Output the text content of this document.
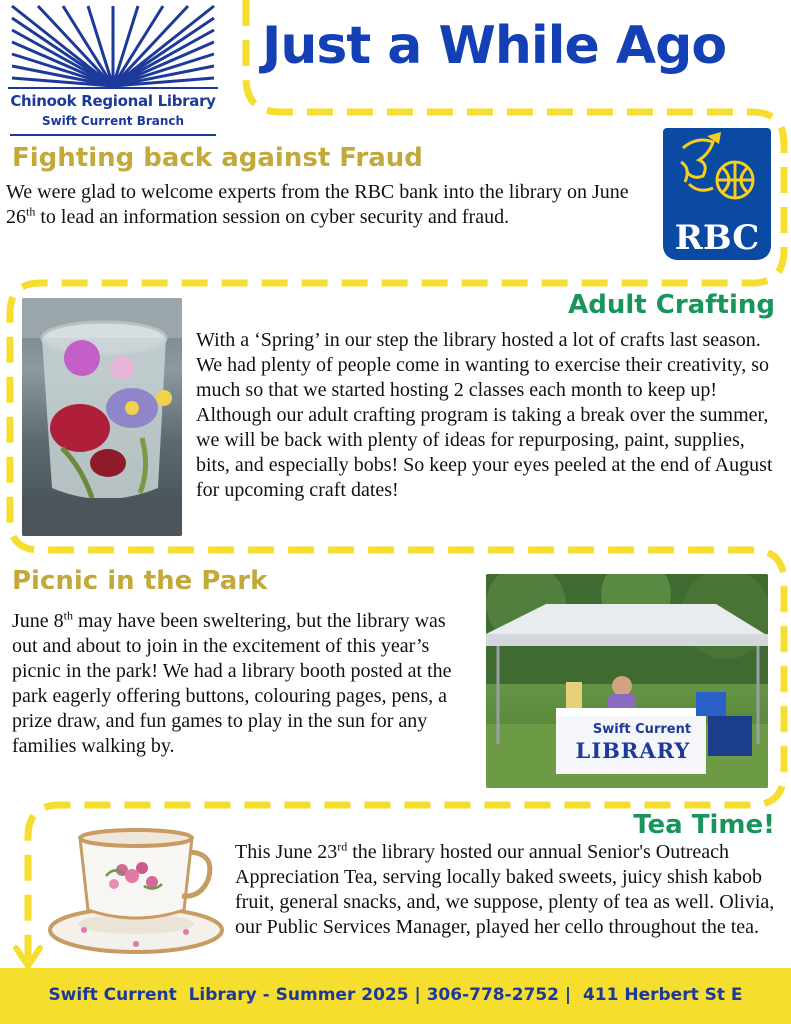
Chinook Regional Library
Swift Current Branch
Just a While Ago
Fighting back against Fraud
We were glad to welcome experts from the RBC bank into the library on June 26th to lead an information session on cyber security and fraud.
RBC
Adult Crafting
With a ‘Spring’ in our step the library hosted a lot of crafts last season. We had plenty of people come in wanting to exercise their creativity, so much so that we started hosting 2 classes each month to keep up! Although our adult crafting program is taking a break over the summer, we will be back with plenty of ideas for repurposing, paint, supplies, bits, and especially bobs! So keep your eyes peeled at the end of August for upcoming craft dates!
Picnic in the Park
June 8th may have been sweltering, but the library was out and about to join in the excitement of this year’s picnic in the park! We had a library booth posted at the park eagerly offering buttons, colouring pages, pens, a prize draw, and fun games to play in the sun for any families walking by.
Swift Current
LIBRARY
Tea Time!
This June 23rd the library hosted our annual Senior's Outreach Appreciation Tea, serving locally baked sweets, juicy shish kabob fruit, general snacks, and, we suppose, plenty of tea as well. Olivia, our Public Services Manager, played her cello throughout the tea.
Swift Current  Library - Summer 2025 | 306-778-2752 |  411 Herbert St E
